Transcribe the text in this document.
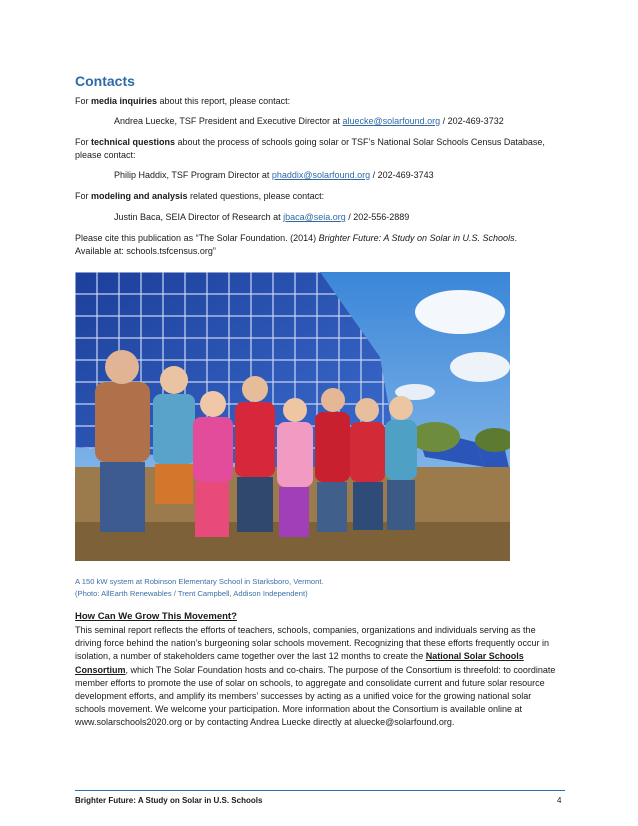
Contacts
For media inquiries about this report, please contact:
Andrea Luecke, TSF President and Executive Director at aluecke@solarfound.org / 202-469-3732
For technical questions about the process of schools going solar or TSF’s National Solar Schools Census Database, please contact:
Philip Haddix, TSF Program Director at phaddix@solarfound.org / 202-469-3743
For modeling and analysis related questions, please contact:
Justin Baca, SEIA Director of Research at jbaca@seia.org / 202-556-2889
Please cite this publication as “The Solar Foundation. (2014) Brighter Future: A Study on Solar in U.S. Schools. Available at: schools.tsfcensus.org”
A 150 kW system at Robinson Elementary School in Starksboro, Vermont.
(Photo: AllEarth Renewables / Trent Campbell, Addison Independent)
How Can We Grow This Movement?
This seminal report reflects the efforts of teachers, schools, companies, organizations and individuals serving as the driving force behind the nation’s burgeoning solar schools movement. Recognizing that these efforts frequently occur in isolation, a number of stakeholders came together over the last 12 months to create the National Solar Schools Consortium, which The Solar Foundation hosts and co-chairs. The purpose of the Consortium is threefold: to coordinate member efforts to promote the use of solar on schools, to aggregate and consolidate current and future solar resource development efforts, and amplify its members’ successes by acting as a unified voice for the growing national solar schools movement. We welcome your participation. More information about the Consortium is available online at www.solarschools2020.org or by contacting Andrea Luecke directly at aluecke@solarfound.org.
Brighter Future: A Study on Solar in U.S. Schools	4
